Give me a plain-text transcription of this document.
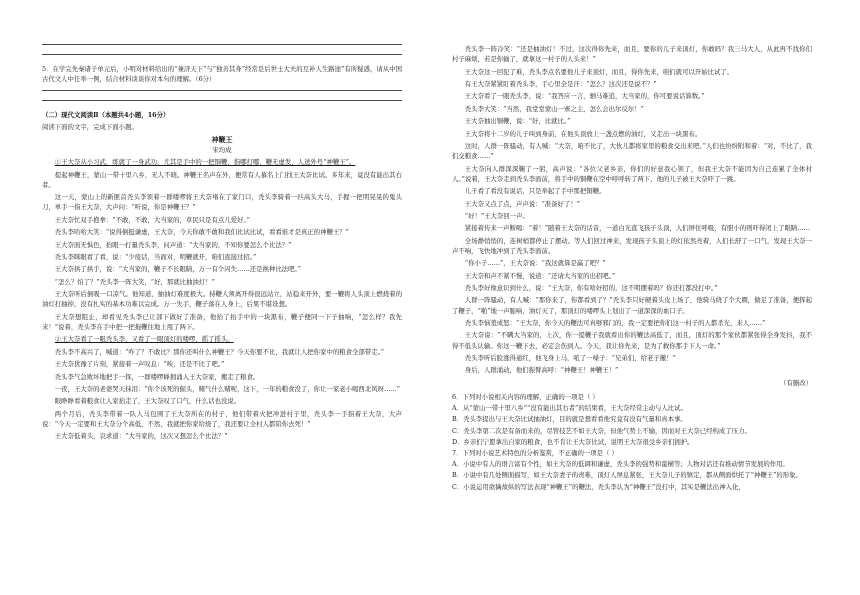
5．在学完先秦诸子单元后，小明对材料给出的“兼济天下”与“独善其身”经常是后世士大夫的互补人生路途”有所疑惑，请从中国古代文人中任举一例，结合材料谈谈你对本句的理解。（6分）
（二）现代文阅读Ⅱ（本题共4小题，16分）
阅读下面的文字，完成下面小题。
神鞭王
宋均成
①王大奈从小习武，练就了一身武功，尤其是手中的一把铜鞭，指哪打哪，鞭无虚发，人送外号“神鞭王”。
提起神鞭王，蒙山一带十里八乡，无人不晓。神鞭王名声在外，便常有人慕名上门找王大奈比试。多年来，竟没有能出其右者。
这一天，蒙山上的新匪首秃头李领着一群喽啰将王大奈堵在了家门口，秃头李骑着一匹高头大马，手握一把明晃晃的鬼头刀，单手一指王大奈，大声问：“听说，你是神鞭王？”
王大奈忙双手抱拳：“不敢，不敢，大当家的，草民只是有点儿爱好。”
秃头李哈哈大笑：“说得倒挺谦虚，王大奈，今天你敢不敢和我们比试比试，看看谁才是真正的神鞭王？”
王大奈面无惧色，抬眼一打量秃头李，问声道：“大当家的，不知你要怎么个比法？”
秃头李眯眼看了看，说：“少废话，当面对，明鞭就开，咱们直接过招。”
王大奈拱了拱手，说：“大当家的，鞭子不长眼睛，万一有个闪失……还是换种比法吧。”
“怎么？怕了？”秃头李一阵大笑，“好，那就比抽油灯！”
王大奈听后倒吸一口凉气。他知道，抽油灯难度极大。持鞭人须离开得很远站立，站稳来开外，要一鞭将人头顶上燃烧着的油灯打抽掉，没有扎实的基本功难以完成。万一失手，鞭子落在人身上，后果不堪设想。
王大奈想阻止，却看见秃头李已让部下做好了准备，他抬了抬手中的一块黑布，鞭子便同一下子抽响，“怎么样？我先来！”说着，秃头李在手中把一把拖鞭往地上甩了两下。
②王大奈看了一眼秃头李，又看了一眼顶灯的喽啰，摇了摇头。
秃头李不高兴了，喊道：“咋了？不敢比？那你还叫什么神鞭王？今天你要不比，我就让人把你家中的粮食全部带走。”
王大奈犹豫了片刻，紧接着一声叹息：“唉，还是不比了吧。”
秃头李气急败坏地把手一挥，一群喽啰蜂拥涌入王大奈家，搬走了粮食。
一夜，王大奈的老婆哭天抹泪：“你个该死的倔头，赌气什么赌呢，这下，一年的粮食没了，你让一家老小喝西北风呀……”
眼睁睁看着粮食让人家抬走了，王大奈叹了口气，什么话也没说。
两个月后，秃头李带着一队人马包围了王大奈所在的村子，他们带着火把冲进村子里，秃头李一手指着王大奈，大声说：“今天一定要和王大奈分个高低，不然，我就把你家给烧了，我还要让全村人都陪你去死！”
王大奈低着头，哀求道：“大当家的，这次又想怎么个比法？”
秃头李一阵冷笑：“还是抽油灯！不过，这次得你先来，而且，要你的儿子来顶灯，你敢吗？我三马大人，从此再不找你们村子麻烦，若是你输了，就拿这一村子的人头来！”
王大奈这一回犯了难，秃头李点名要他儿子来顶灯，而且，得你先来，咱们就可以开始比试了。
有王大奈紧紧盯着秃头李，手心里全是汗：“怎么？这次还是说不？”
王大奈看了一眼秃头李，说：“我答应一言，驷马难追，大当家的，你可要说话算数。”
秃头李大笑：“当然，我堂堂蒙山一寨之主，怎么会出尔反尔！”
王大奈抽出铜鞭，说：“好，比就比。”
王大奈将十二岁的儿子叫到身前，在他头顶放上一盏点燃的油灯，又走出一块黑布。
这时，人群一阵骚动，有人喊：“大奈，咱不比了，大伙儿都将家里的粮食交出来吧。”人们也纷纷附和着：“对，不比了，我们交粮食……”
王大奈向人群深深鞠了一躬，高声说：“各位父老乡亲，你们的好意我心领了，但我王大奈不能因为自己连累了全体村人。”说着，王大奈走到秃头李面前，将手中的铜鞭在空中呼呼转了两下，他的儿子被王大奈吓了一跳。
儿子看了看没有说话，只是举起了手中那把铜鞭。
王大奈又点了点，声声说：“准备好了！”
“好！”王大奈回一声。
紧接着传来一声断喝：“着！”随着王大奈的话音，一道白光直飞孩子头顶，人们屏住呼吸，有胆小的则吓得闭上了眼睛……
全场静悄悄的，连树梢都停止了摆动。等人们回过神来，发现孩子头顶上的灯依然亮着，人们长舒了一口气，发现王大奈一声不响，飞快地冲到了秃头李面前。
“你小子……”，王大奈说：“我这就算是赢了吧？”
王大奈和声不紧不慢，说道：“还请大当家的出招吧。”
秃头李好像意识到什么，说：“王大奈，你有啥好招的，这不明摆着吗？你还打都没打中。”
人群一阵骚动，有人喊：“那你来了，你都看到了？”秃头李只好硬着头皮上场了，他骑马绕了个大圈，做足了准备，便挥起了鞭子，“啪”地一声脆响，油灯灭了，那顶灯的喽啰头上划出了一道深深的血口子。
秃头李恼羞成怒：“王大奈，你今天的鞭法可真够邪门的，我一定要把你们这一村子的人都杀光，来人……”
王大奈说：“不瞒大当家的，上次，你一提鞭子我就看出你的鞭法高低了，而且，顶灯的那个家伙都紧张得全身发抖，我不得不低头认输。你这一鞭下去，必定会伤到人。今天，我让你先来，是为了救你那手下人一命。”
秃头李听后脸涨得通红，他飞身上马，吼了一嗓子：“兄弟们，给老子撤！”
身后，人群涌动，他们振臂高呼：“神鞭王！神鞭王！”
（有删改）
6．下列对小说相关内容的理解，正确的一项是（ ）
A．从“蒙山一带十里八乡”“没有能出其右者”的结果看，王大奈经常主动与人比试。
B．秃头李提出与王大奈比试抽油灯，目的就是想看看他究竟有没有气量和真本事。
C．秃头李第二次是有备而来的，尽管技艺不如王大奈，但他气势上不输，因而对王大奈已经构成了压力。
D．乡亲们宁愿拿出自家的粮食，也不肯让王大奈比试，说明王大奈很受乡亲们拥护。
7．下列对小说艺术特色的分析鉴赏，不正确的一项是（ ）
A．小说中有人的语言富有个性，如王大奈的低调和谦虚，秃头李的强势和蛮横等；人物对话还有推动情节发展的作用。
B．小说中有几处侧面描写，如王大奈妻子的责难，顶灯人屏息紧张，王大奈儿子的镇定，都从侧面烘托了“神鞭王”的形象。
C．小说运用欲擒故纵的写法表现“神鞭王”的鞭法，秃头李认为“神鞭王”没打中，其实是鞭法出神入化，
